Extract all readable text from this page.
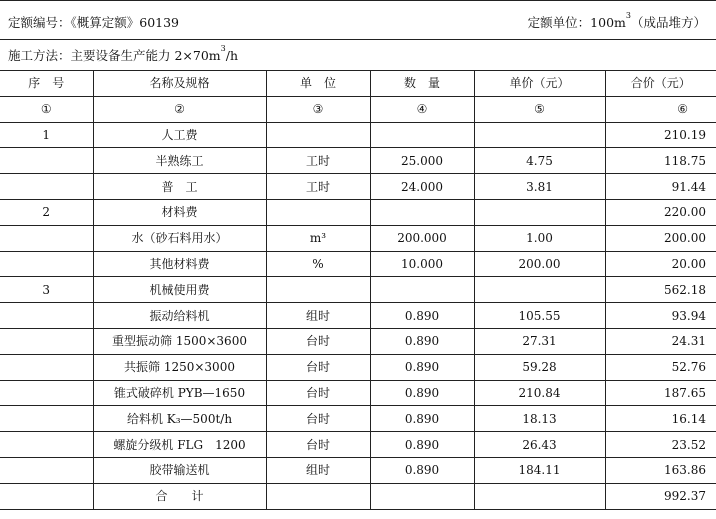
定额编号：《概算定额》60139	定额单位：$100m^3$（成品堆方）
施工方法：主要设备生产能力 $2\times 70m^3/h$
序　号	名称及规格	单　位	数　量	单价（元）	合价（元）
①	②	③	④	⑤	⑥
1	人工费				210.19
	半熟练工	工时	25.000	4.75	118.75
	普　工	工时	24.000	3.81	91.44
2	材料费				220.00
	水（砂石料用水）	m³	200.000	1.00	200.00
	其他材料费	%	10.000	200.00	20.00
3	机械使用费				562.18
	振动给料机	组时	0.890	105.55	93.94
	重型振动筛 1500×3600	台时	0.890	27.31	24.31
	共振筛 1250×3000	台时	0.890	59.28	52.76
	锥式破碎机 PYB—1650	台时	0.890	210.84	187.65
	给料机 K₃—500t/h	台时	0.890	18.13	16.14
	螺旋分级机 FLG　1200	台时	0.890	26.43	23.52
	胶带输送机	组时	0.890	184.11	163.86
	合　　计				992.37
